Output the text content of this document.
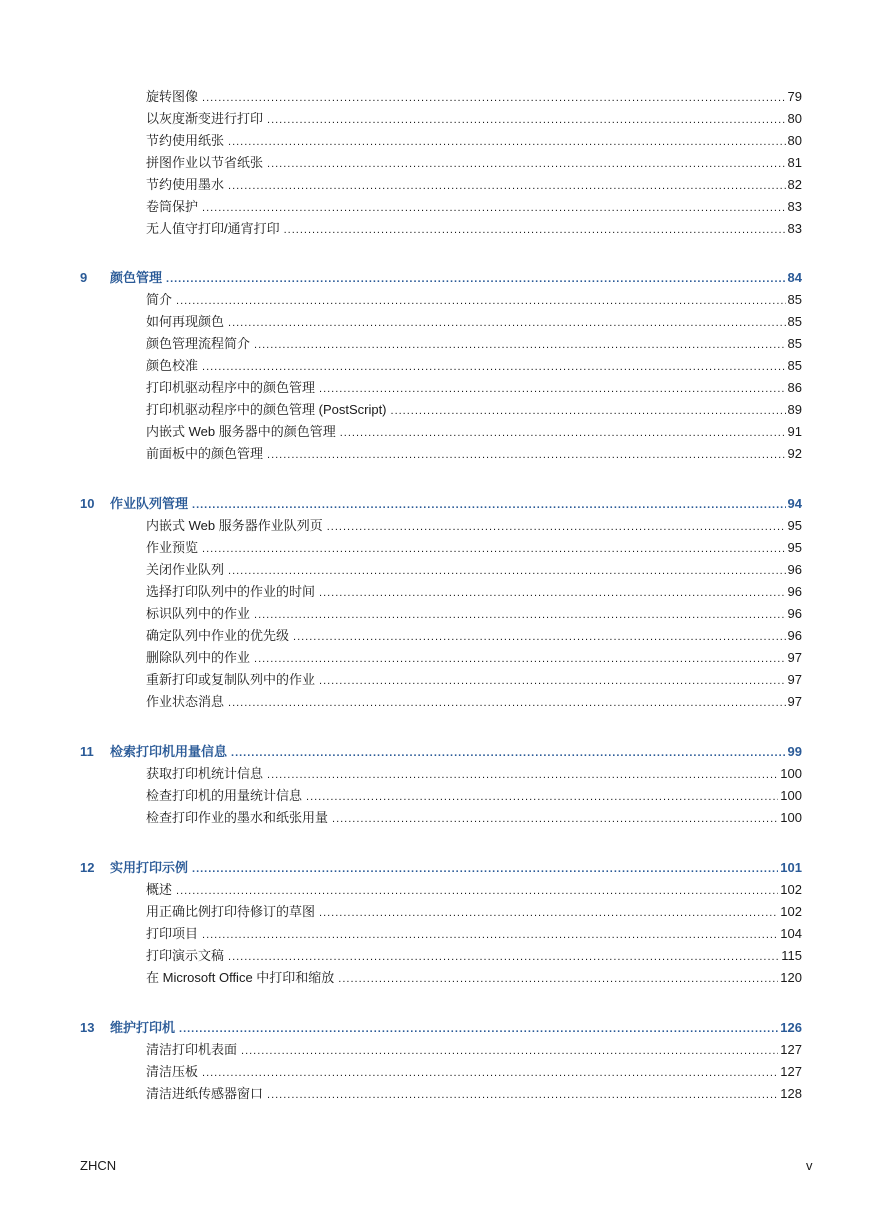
旋转图像 .....	79
以灰度渐变进行打印 .....	80
节约使用纸张 .....	80
拼图作业以节省纸张 .....	81
节约使用墨水 .....	82
卷筒保护 .....	83
无人值守打印/通宵打印 .....	83
9	颜色管理 .....	84
简介 .....	85
如何再现颜色 .....	85
颜色管理流程简介 .....	85
颜色校准 .....	85
打印机驱动程序中的颜色管理 .....	86
打印机驱动程序中的颜色管理 (PostScript) .....	89
内嵌式 Web 服务器中的颜色管理 .....	91
前面板中的颜色管理 .....	92
10	作业队列管理 .....	94
内嵌式 Web 服务器作业队列页 .....	95
作业预览 .....	95
关闭作业队列 .....	96
选择打印队列中的作业的时间 .....	96
标识队列中的作业 .....	96
确定队列中作业的优先级 .....	96
删除队列中的作业 .....	97
重新打印或复制队列中的作业 .....	97
作业状态消息 .....	97
11	检索打印机用量信息 .....	99
获取打印机统计信息 .....	100
检查打印机的用量统计信息 .....	100
检查打印作业的墨水和纸张用量 .....	100
12	实用打印示例 .....	101
概述 .....	102
用正确比例打印待修订的草图 .....	102
打印项目 .....	104
打印演示文稿 .....	115
在 Microsoft Office 中打印和缩放 .....	120
13	维护打印机 .....	126
清洁打印机表面 .....	127
清洁压板 .....	127
清洁进纸传感器窗口 .....	128
ZHCN	v
